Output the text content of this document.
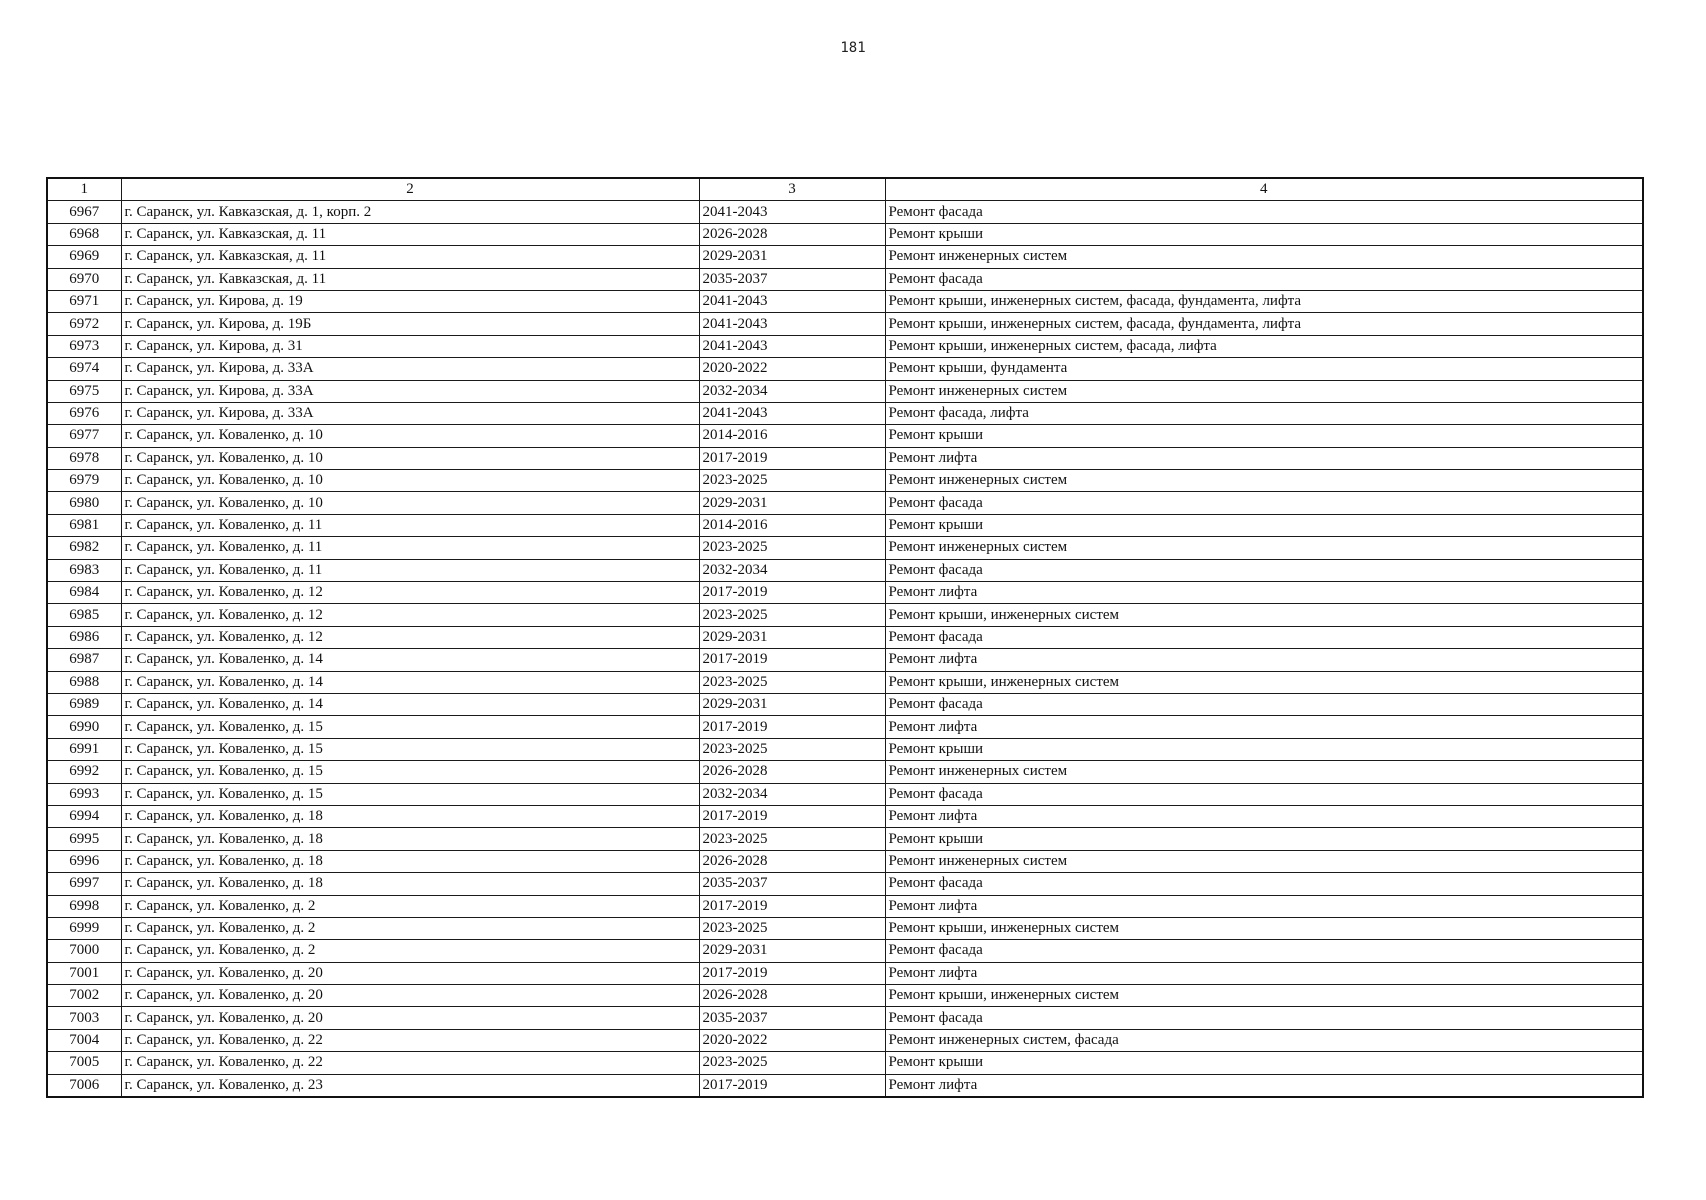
181
1	2	3	4
6967	г. Саранск, ул. Кавказская, д. 1, корп. 2	2041-2043	Ремонт фасада
6968	г. Саранск, ул. Кавказская, д. 11	2026-2028	Ремонт крыши
6969	г. Саранск, ул. Кавказская, д. 11	2029-2031	Ремонт инженерных систем
6970	г. Саранск, ул. Кавказская, д. 11	2035-2037	Ремонт фасада
6971	г. Саранск, ул. Кирова, д. 19	2041-2043	Ремонт крыши, инженерных систем, фасада, фундамента, лифта
6972	г. Саранск, ул. Кирова, д. 19Б	2041-2043	Ремонт крыши, инженерных систем, фасада, фундамента, лифта
6973	г. Саранск, ул. Кирова, д. 31	2041-2043	Ремонт крыши, инженерных систем, фасада, лифта
6974	г. Саранск, ул. Кирова, д. 33А	2020-2022	Ремонт крыши, фундамента
6975	г. Саранск, ул. Кирова, д. 33А	2032-2034	Ремонт инженерных систем
6976	г. Саранск, ул. Кирова, д. 33А	2041-2043	Ремонт фасада, лифта
6977	г. Саранск, ул. Коваленко, д. 10	2014-2016	Ремонт крыши
6978	г. Саранск, ул. Коваленко, д. 10	2017-2019	Ремонт лифта
6979	г. Саранск, ул. Коваленко, д. 10	2023-2025	Ремонт инженерных систем
6980	г. Саранск, ул. Коваленко, д. 10	2029-2031	Ремонт фасада
6981	г. Саранск, ул. Коваленко, д. 11	2014-2016	Ремонт крыши
6982	г. Саранск, ул. Коваленко, д. 11	2023-2025	Ремонт инженерных систем
6983	г. Саранск, ул. Коваленко, д. 11	2032-2034	Ремонт фасада
6984	г. Саранск, ул. Коваленко, д. 12	2017-2019	Ремонт лифта
6985	г. Саранск, ул. Коваленко, д. 12	2023-2025	Ремонт крыши, инженерных систем
6986	г. Саранск, ул. Коваленко, д. 12	2029-2031	Ремонт фасада
6987	г. Саранск, ул. Коваленко, д. 14	2017-2019	Ремонт лифта
6988	г. Саранск, ул. Коваленко, д. 14	2023-2025	Ремонт крыши, инженерных систем
6989	г. Саранск, ул. Коваленко, д. 14	2029-2031	Ремонт фасада
6990	г. Саранск, ул. Коваленко, д. 15	2017-2019	Ремонт лифта
6991	г. Саранск, ул. Коваленко, д. 15	2023-2025	Ремонт крыши
6992	г. Саранск, ул. Коваленко, д. 15	2026-2028	Ремонт инженерных систем
6993	г. Саранск, ул. Коваленко, д. 15	2032-2034	Ремонт фасада
6994	г. Саранск, ул. Коваленко, д. 18	2017-2019	Ремонт лифта
6995	г. Саранск, ул. Коваленко, д. 18	2023-2025	Ремонт крыши
6996	г. Саранск, ул. Коваленко, д. 18	2026-2028	Ремонт инженерных систем
6997	г. Саранск, ул. Коваленко, д. 18	2035-2037	Ремонт фасада
6998	г. Саранск, ул. Коваленко, д. 2	2017-2019	Ремонт лифта
6999	г. Саранск, ул. Коваленко, д. 2	2023-2025	Ремонт крыши, инженерных систем
7000	г. Саранск, ул. Коваленко, д. 2	2029-2031	Ремонт фасада
7001	г. Саранск, ул. Коваленко, д. 20	2017-2019	Ремонт лифта
7002	г. Саранск, ул. Коваленко, д. 20	2026-2028	Ремонт крыши, инженерных систем
7003	г. Саранск, ул. Коваленко, д. 20	2035-2037	Ремонт фасада
7004	г. Саранск, ул. Коваленко, д. 22	2020-2022	Ремонт инженерных систем, фасада
7005	г. Саранск, ул. Коваленко, д. 22	2023-2025	Ремонт крыши
7006	г. Саранск, ул. Коваленко, д. 23	2017-2019	Ремонт лифта
